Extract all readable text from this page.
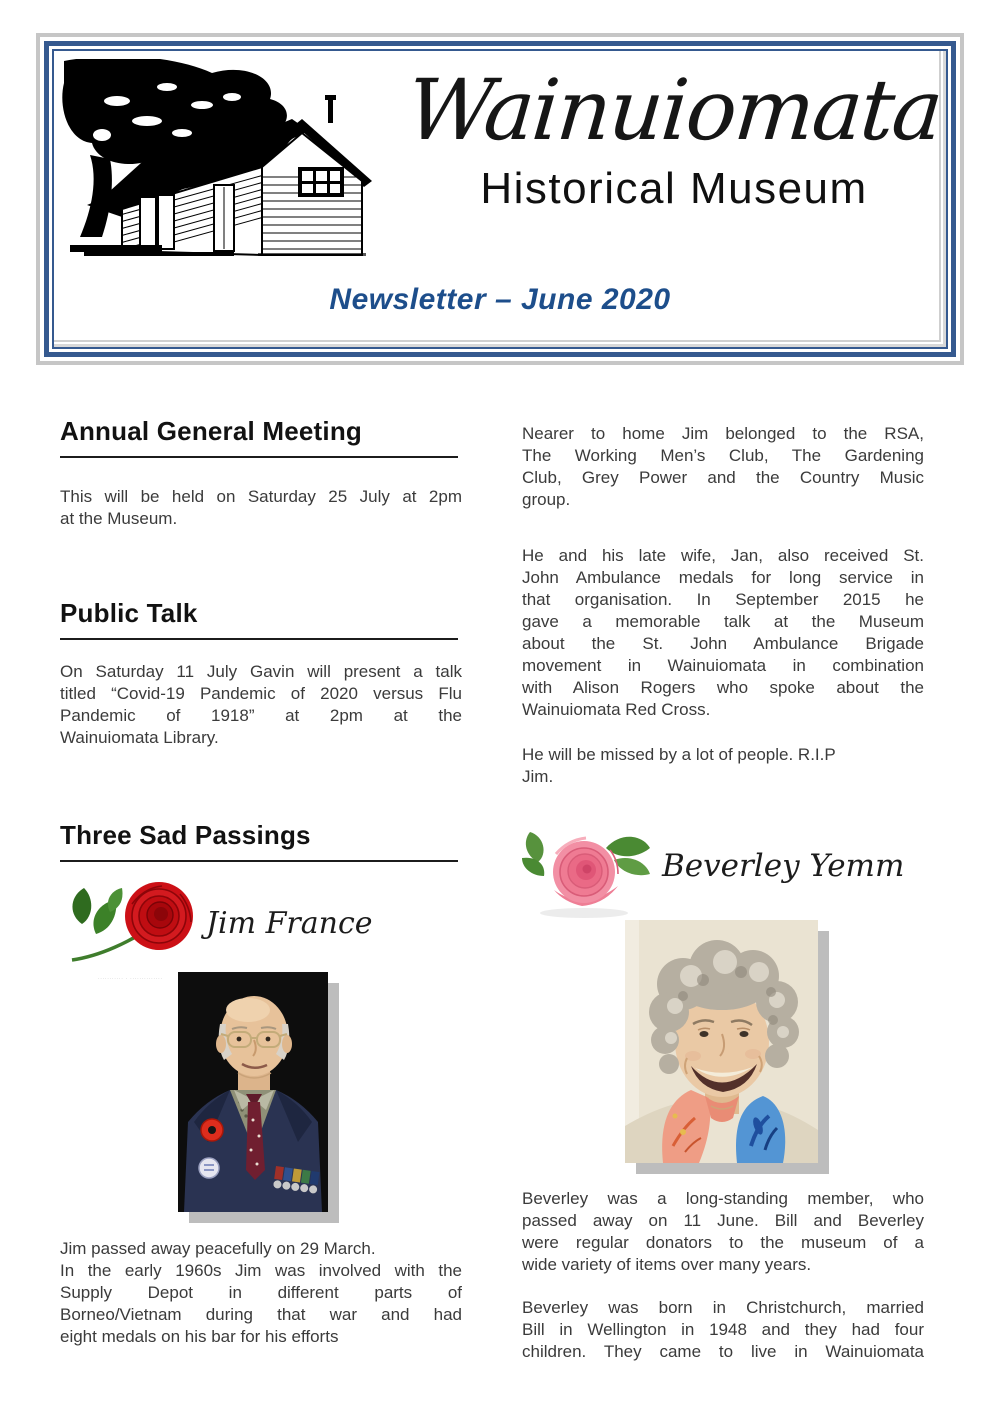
Wainuiomata
Historical Museum
Newsletter – June 2020
Annual General Meeting
This will be held on Saturday 25 July at 2pm
at the Museum.
Public Talk
On Saturday 11 July Gavin will present a talk
titled “Covid-19 Pandemic of 2020 versus Flu
Pandemic of 1918” at 2pm at the
Wainuiomata Library.
Three Sad Passings
Jim France
··········· · ··············
Jim passed away peacefully on 29 March.
In the early 1960s Jim was involved with the
Supply Depot in different parts of
Borneo/Vietnam during that war and had
eight medals on his bar for his efforts
Nearer to home Jim belonged to the RSA,
The Working Men’s Club, The Gardening
Club, Grey Power and the Country Music
group.
He and his late wife, Jan, also received St.
John Ambulance medals for long service in
that organisation. In September 2015 he
gave a memorable talk at the Museum
about the St. John Ambulance Brigade
movement in Wainuiomata in combination
with Alison Rogers who spoke about the
Wainuiomata Red Cross.
He will be missed by a lot of people. R.I.P
Jim.
Beverley Yemm
Beverley was a long-standing member, who
passed away on 11 June. Bill and Beverley
were regular donators to the museum of a
wide variety of items over many years.
Beverley was born in Christchurch, married
Bill in Wellington in 1948 and they had four
children. They came to live in Wainuiomata
